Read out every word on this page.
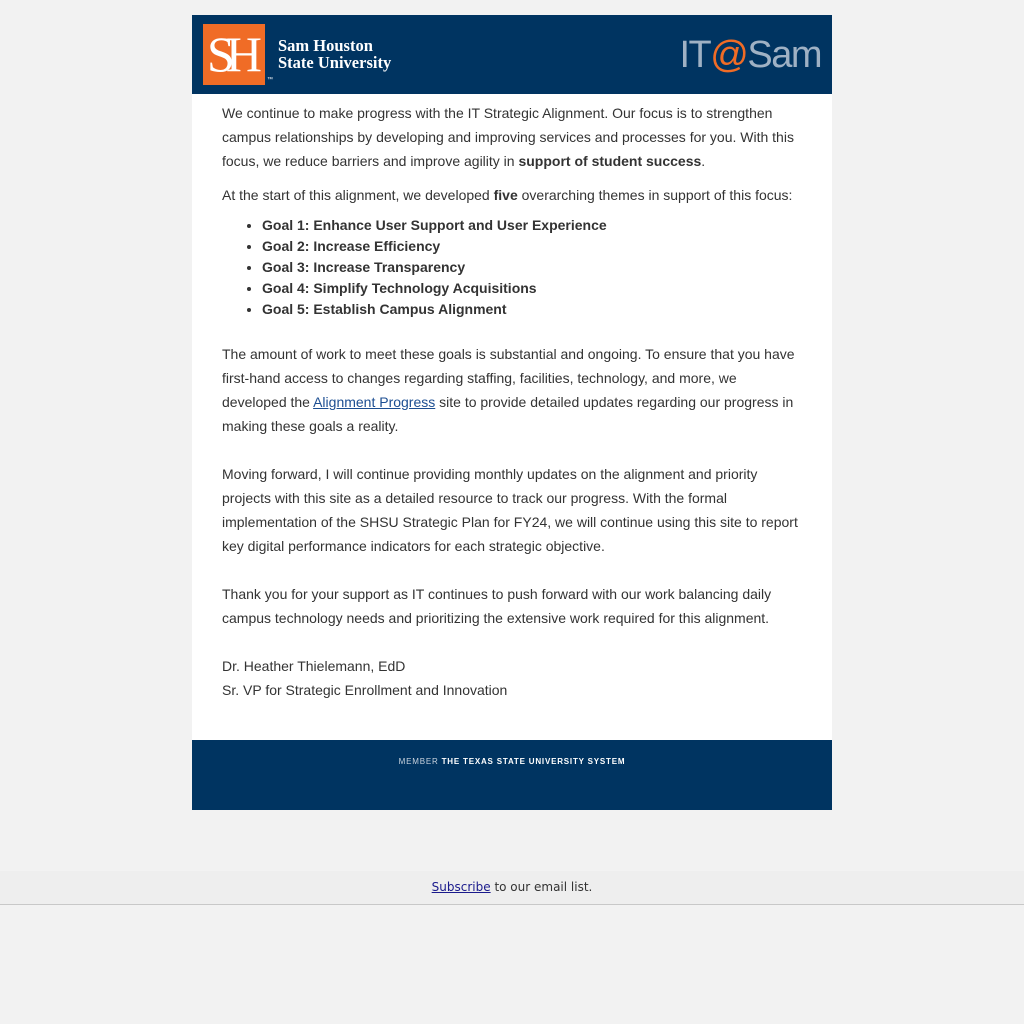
SH	™
Sam Houston
State University	IT@Sam

We continue to make progress with the IT Strategic Alignment. Our focus is to strengthen campus relationships by developing and improving services and processes for you. With this focus, we reduce barriers and improve agility in support of student success.

At the start of this alignment, we developed five overarching themes in support of this focus:

• Goal 1: Enhance User Support and User Experience
• Goal 2: Increase Efficiency
• Goal 3: Increase Transparency
• Goal 4: Simplify Technology Acquisitions
• Goal 5: Establish Campus Alignment

The amount of work to meet these goals is substantial and ongoing. To ensure that you have first-hand access to changes regarding staffing, facilities, technology, and more, we developed the Alignment Progress site to provide detailed updates regarding our progress in making these goals a reality.

Moving forward, I will continue providing monthly updates on the alignment and priority projects with this site as a detailed resource to track our progress. With the formal implementation of the SHSU Strategic Plan for FY24, we will continue using this site to report key digital performance indicators for each strategic objective.

Thank you for your support as IT continues to push forward with our work balancing daily campus technology needs and prioritizing the extensive work required for this alignment.

Dr. Heather Thielemann, EdD

Sr. VP for Strategic Enrollment and Innovation

MEMBER THE TEXAS STATE UNIVERSITY SYSTEM
Subscribe to our email list.
